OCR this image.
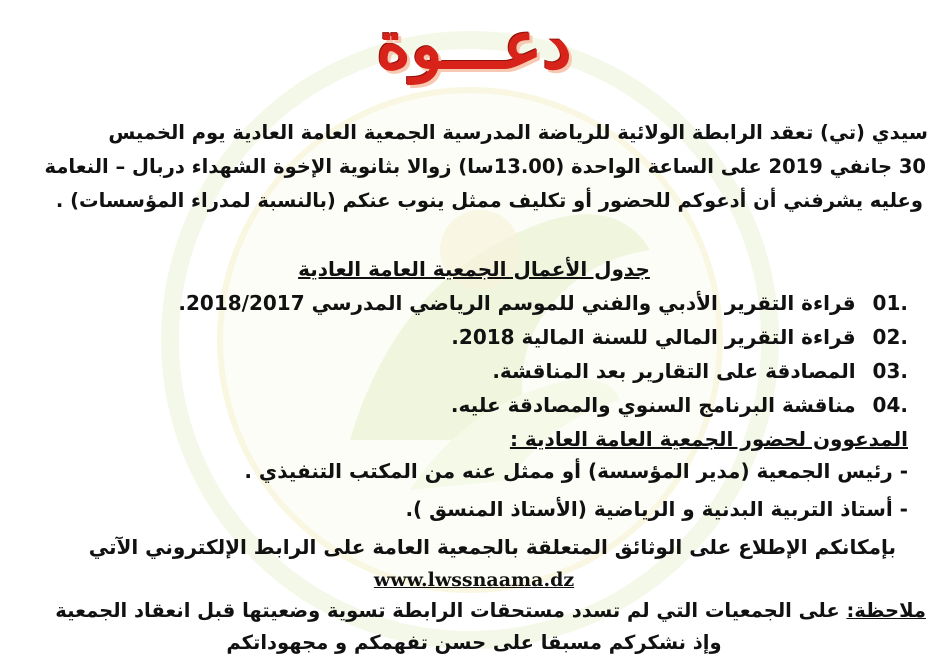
دعـــوة
سيدي (تي) تعقد الرابطة الولائية للرياضة المدرسية الجمعية العامة العادية يوم الخميس
30 جانفي 2019 على الساعة الواحدة (13.00سا) زوالا بثانوية الإخوة الشهداء دربال – النعامة
وعليه يشرفني أن أدعوكم للحضور أو تكليف ممثل ينوب عنكم (بالنسبة لمدراء المؤسسات) .
جدول الأعمال الجمعية العامة العادية
.01 قراءة التقرير الأدبي والفني للموسم الرياضي المدرسي 2018/2017.
.02 قراءة التقرير المالي للسنة المالية 2018.
.03 المصادقة على التقارير بعد المناقشة.
.04 مناقشة البرنامج السنوي والمصادقة عليه.
المدعوون لحضور الجمعية العامة العادية :
- رئيس الجمعية (مدير المؤسسة) أو ممثل عنه من المكتب التنفيذي .
- أستاذ التربية البدنية و الرياضية (الأستاذ المنسق ).
بإمكانكم الإطلاع على الوثائق المتعلقة بالجمعية العامة على الرابط الإلكتروني الآتي
www.lwssnaama.dz
ملاحظة: على الجمعيات التي لم تسدد مستحقات الرابطة تسوية وضعيتها قبل انعقاد الجمعية
وإذ نشكركم مسبقا على حسن تفهمكم و مجهوداتكم
